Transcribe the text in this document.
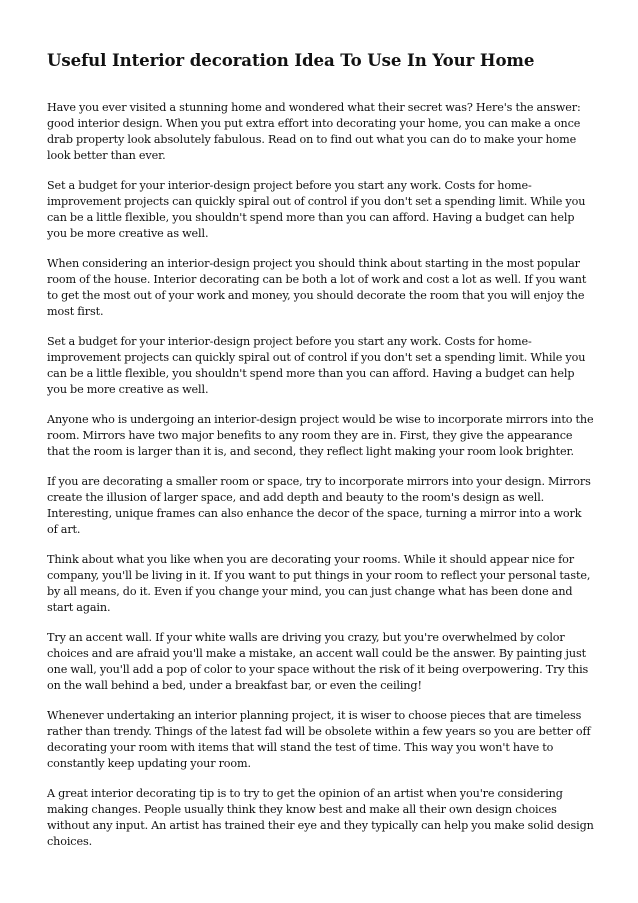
Useful Interior decoration Idea To Use In Your Home

Have you ever visited a stunning home and wondered what their secret was? Here's the answer: good interior design. When you put extra effort into decorating your home, you can make a once drab property look absolutely fabulous. Read on to find out what you can do to make your home look better than ever.

Set a budget for your interior-design project before you start any work. Costs for home-improvement projects can quickly spiral out of control if you don't set a spending limit. While you can be a little flexible, you shouldn't spend more than you can afford. Having a budget can help you be more creative as well.

When considering an interior-design project you should think about starting in the most popular room of the house. Interior decorating can be both a lot of work and cost a lot as well. If you want to get the most out of your work and money, you should decorate the room that you will enjoy the most first.

Set a budget for your interior-design project before you start any work. Costs for home-improvement projects can quickly spiral out of control if you don't set a spending limit. While you can be a little flexible, you shouldn't spend more than you can afford. Having a budget can help you be more creative as well.

Anyone who is undergoing an interior-design project would be wise to incorporate mirrors into the room. Mirrors have two major benefits to any room they are in. First, they give the appearance that the room is larger than it is, and second, they reflect light making your room look brighter.

If you are decorating a smaller room or space, try to incorporate mirrors into your design. Mirrors create the illusion of larger space, and add depth and beauty to the room's design as well. Interesting, unique frames can also enhance the decor of the space, turning a mirror into a work of art.

Think about what you like when you are decorating your rooms. While it should appear nice for company, you'll be living in it. If you want to put things in your room to reflect your personal taste, by all means, do it. Even if you change your mind, you can just change what has been done and start again.

Try an accent wall. If your white walls are driving you crazy, but you're overwhelmed by color choices and are afraid you'll make a mistake, an accent wall could be the answer. By painting just one wall, you'll add a pop of color to your space without the risk of it being overpowering. Try this on the wall behind a bed, under a breakfast bar, or even the ceiling!

Whenever undertaking an interior planning project, it is wiser to choose pieces that are timeless rather than trendy. Things of the latest fad will be obsolete within a few years so you are better off decorating your room with items that will stand the test of time. This way you won't have to constantly keep updating your room.

A great interior decorating tip is to try to get the opinion of an artist when you're considering making changes. People usually think they know best and make all their own design choices without any input. An artist has trained their eye and they typically can help you make solid design choices.
